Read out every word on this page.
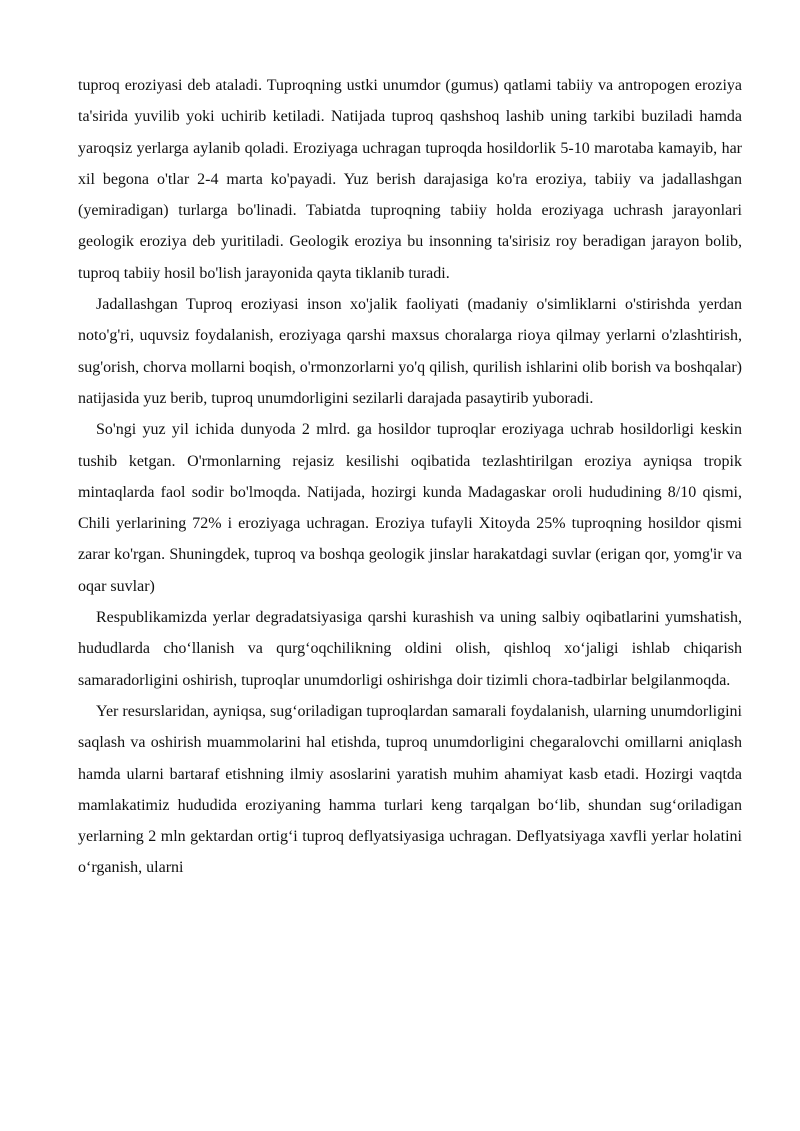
tuproq eroziyasi deb ataladi. Tuproqning ustki unumdor (gumus) qatlami tabiiy va antropogen eroziya ta'sirida yuvilib yoki uchirib ketiladi. Natijada tuproq qashshoq lashib uning tarkibi buziladi hamda yaroqsiz yerlarga aylanib qoladi. Eroziyaga uchragan tuproqda hosildorlik 5-10 marotaba kamayib, har xil begona o'tlar 2-4 marta ko'payadi. Yuz berish darajasiga ko'ra eroziya, tabiiy va jadallashgan (yemiradigan) turlarga bo'linadi. Tabiatda tuproqning tabiiy holda eroziyaga uchrash jarayonlari geologik eroziya deb yuritiladi. Geologik eroziya bu insonning ta'sirisiz roy beradigan jarayon bolib, tuproq tabiiy hosil bo'lish jarayonida qayta tiklanib turadi.

Jadallashgan Tuproq eroziyasi inson xo'jalik faoliyati (madaniy o'simliklarni o'stirishda yerdan noto'g'ri, uquvsiz foydalanish, eroziyaga qarshi maxsus choralarga rioya qilmay yerlarni o'zlashtirish, sug'orish, chorva mollarni boqish, o'rmonzorlarni yo'q qilish, qurilish ishlarini olib borish va boshqalar) natijasida yuz berib, tuproq unumdorligini sezilarli darajada pasaytirib yuboradi.

So'ngi yuz yil ichida dunyoda 2 mlrd. ga hosildor tuproqlar eroziyaga uchrab hosildorligi keskin tushib ketgan. O'rmonlarning rejasiz kesilishi oqibatida tezlashtirilgan eroziya ayniqsa tropik mintaqlarda faol sodir bo'lmoqda. Natijada, hozirgi kunda Madagaskar oroli hududining 8/10 qismi, Chili yerlarining 72% i eroziyaga uchragan. Eroziya tufayli Xitoyda 25% tuproqning hosildor qismi zarar ko'rgan. Shuningdek, tuproq va boshqa geologik jinslar harakatdagi suvlar (erigan qor, yomg'ir va oqar suvlar)

Respublikamizda yerlar degradatsiyasiga qarshi kurashish va uning salbiy oqibatlarini yumshatish, hududlarda cho‘llanish va qurg‘oqchilikning oldini olish, qishloq xo‘jaligi ishlab chiqarish samaradorligini oshirish, tuproqlar unumdorligi oshirishga doir tizimli chora-tadbirlar belgilanmoqda.

Yer resurslaridan, ayniqsa, sug‘oriladigan tuproqlardan samarali foydalanish, ularning unumdorligini saqlash va oshirish muammolarini hal etishda, tuproq unumdorligini chegaralovchi omillarni aniqlash hamda ularni bartaraf etishning ilmiy asoslarini yaratish muhim ahamiyat kasb etadi. Hozirgi vaqtda mamlakatimiz hududida eroziyaning hamma turlari keng tarqalgan bo‘lib, shundan sug‘oriladigan yerlarning 2 mln gektardan ortig‘i tuproq deflyatsiyasiga uchragan. Deflyatsiyaga xavfli yerlar holatini o‘rganish, ularni
